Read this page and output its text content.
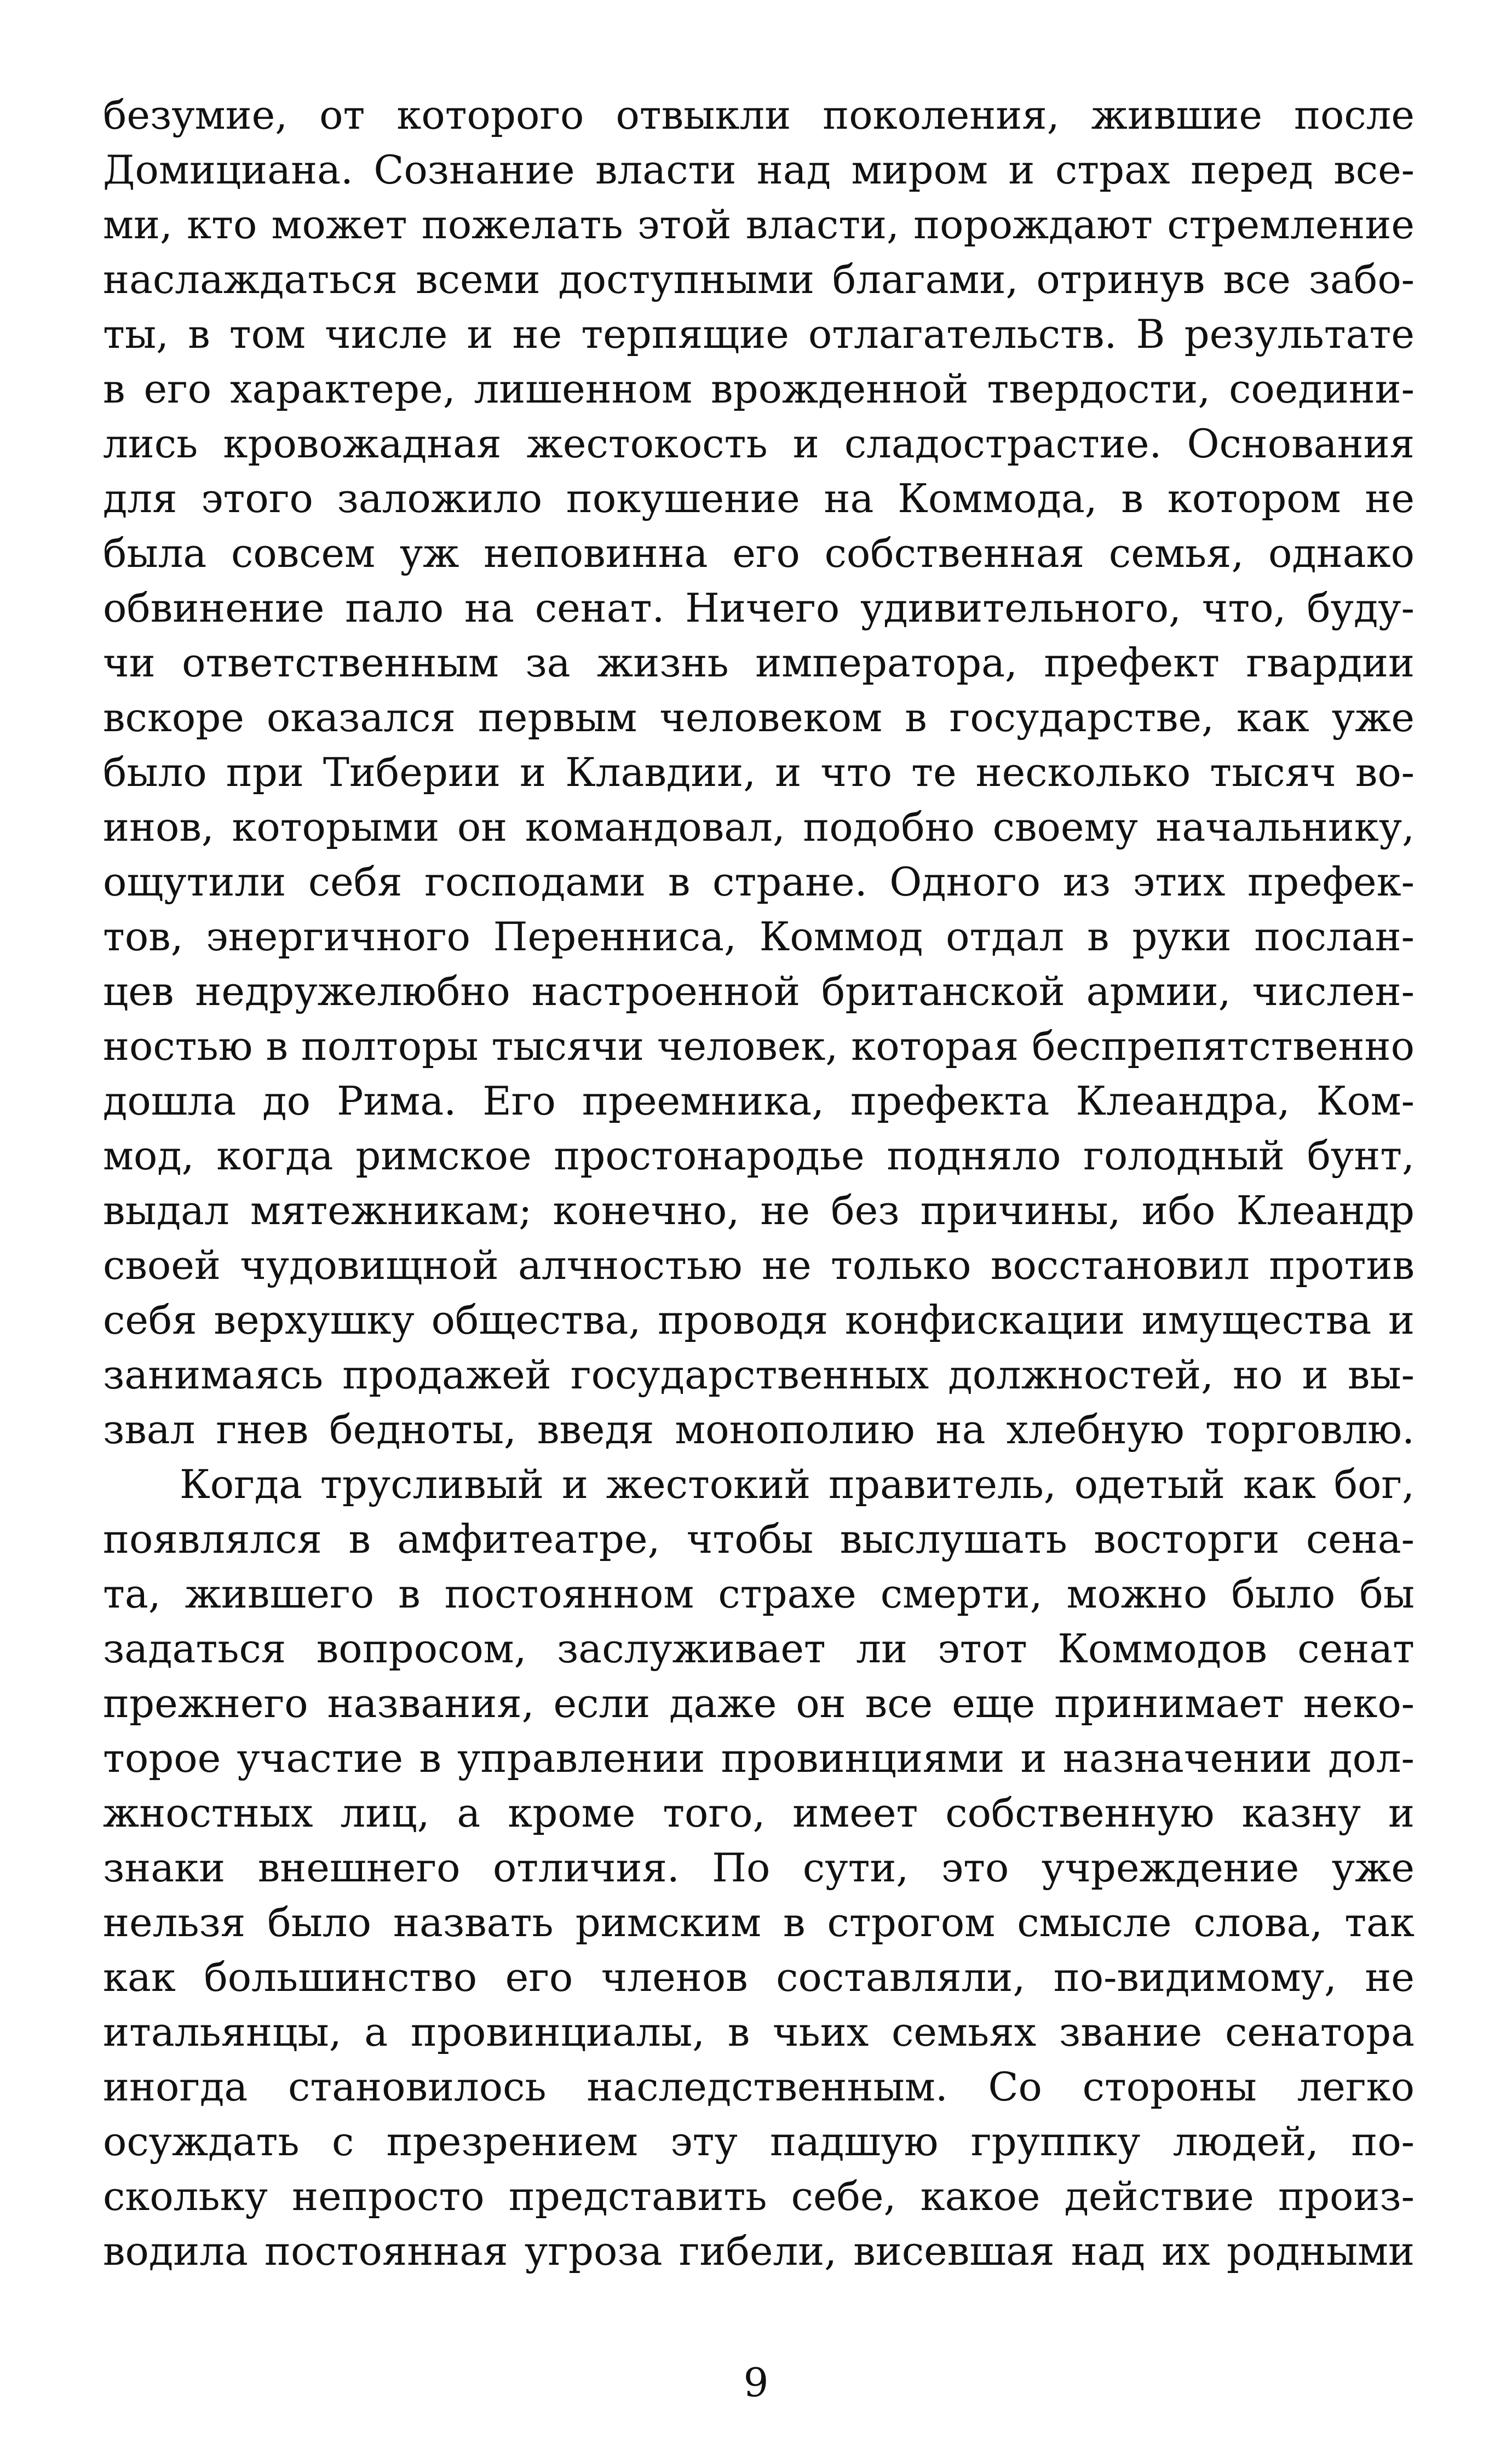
безумие, от которого отвыкли поколения, жившие после
Домициана. Сознание власти над миром и страх перед все-
ми, кто может пожелать этой власти, порождают стремление
наслаждаться всеми доступными благами, отринув все забо-
ты, в том числе и не терпящие отлагательств. В результате
в его характере, лишенном врожденной твердости, соедини-
лись кровожадная жестокость и сладострастие. Основания
для этого заложило покушение на Коммода, в котором не
была совсем уж неповинна его собственная семья, однако
обвинение пало на сенат. Ничего удивительного, что, буду-
чи ответственным за жизнь императора, префект гвардии
вскоре оказался первым человеком в государстве, как уже
было при Тиберии и Клавдии, и что те несколько тысяч во-
инов, которыми он командовал, подобно своему начальнику,
ощутили себя господами в стране. Одного из этих префек-
тов, энергичного Переннисa, Коммод отдал в руки послан-
цев недружелюбно настроенной британской армии, числен-
ностью в полторы тысячи человек, которая беспрепятственно
дошла до Рима. Его преемника, префекта Клеандра, Ком-
мод, когда римское простонародье подняло голодный бунт,
выдал мятежникам; конечно, не без причины, ибо Клеандр
своей чудовищной алчностью не только восстановил против
себя верхушку общества, проводя конфискации имущества и
занимаясь продажей государственных должностей, но и вы-
звал гнев бедноты, введя монополию на хлебную торговлю.
Когда трусливый и жестокий правитель, одетый как бог,
появлялся в амфитеатре, чтобы выслушать восторги сена-
та, жившего в постоянном страхе смерти, можно было бы
задаться вопросом, заслуживает ли этот Коммодов сенат
прежнего названия, если даже он все еще принимает неко-
торое участие в управлении провинциями и назначении дол-
жностных лиц, а кроме того, имеет собственную казну и
знаки внешнего отличия. По сути, это учреждение уже
нельзя было назвать римским в строгом смысле слова, так
как большинство его членов составляли, по-видимому, не
итальянцы, а провинциалы, в чьих семьях звание сенатора
иногда становилось наследственным. Со стороны легко
осуждать с презрением эту падшую группку людей, по-
скольку непросто представить себе, какое действие произ-
водила постоянная угроза гибели, висевшая над их родными
9
